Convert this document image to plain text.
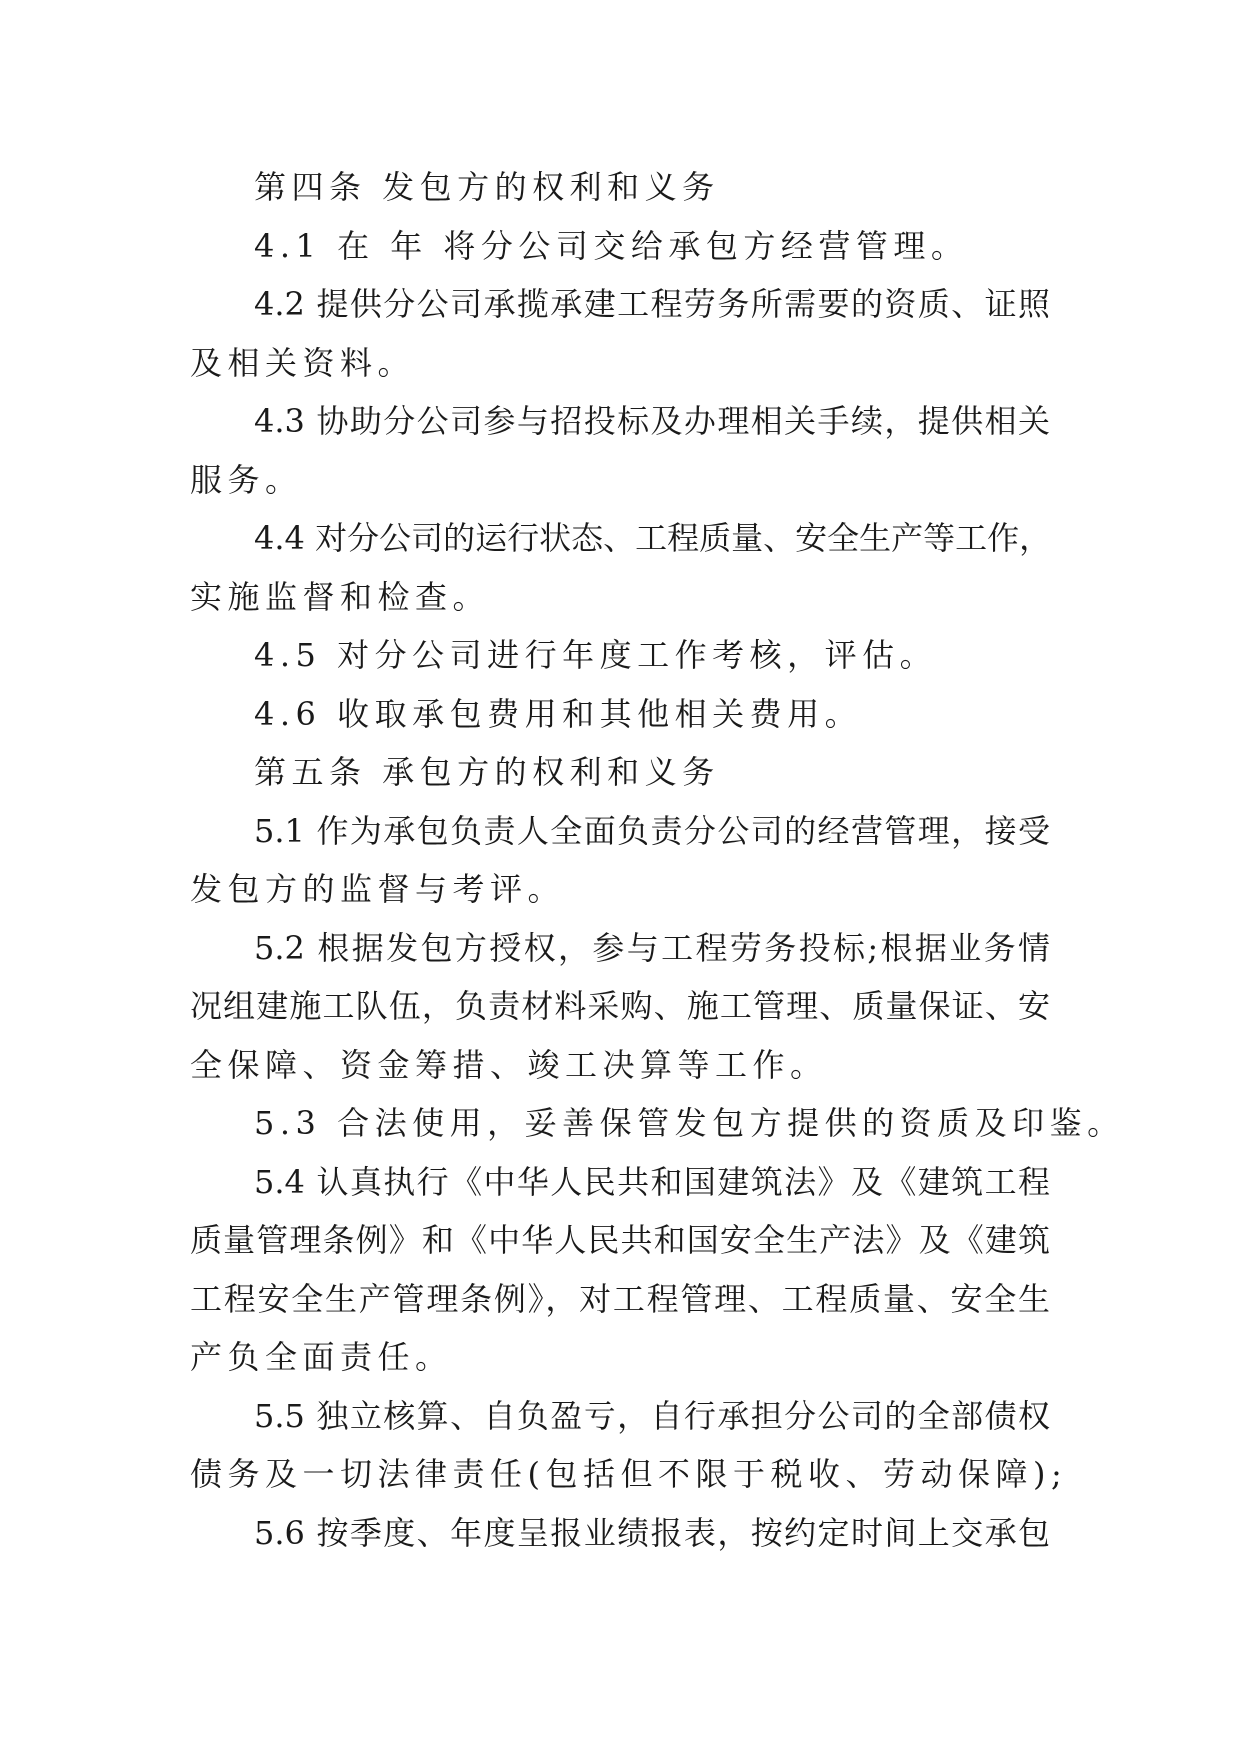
第四条 发包方的权利和义务
4.1 在 年 将分公司交给承包方经营管理。
4.2 提供分公司承揽承建工程劳务所需要的资质、证照
及相关资料。
4.3 协助分公司参与招投标及办理相关手续，提供相关
服务。
4.4 对分公司的运行状态、工程质量、安全生产等工作，
实施监督和检查。
4.5 对分公司进行年度工作考核，评估。
4.6 收取承包费用和其他相关费用。
第五条 承包方的权利和义务
5.1 作为承包负责人全面负责分公司的经营管理，接受
发包方的监督与考评。
5.2 根据发包方授权，参与工程劳务投标;根据业务情
况组建施工队伍，负责材料采购、施工管理、质量保证、安
全保障、资金筹措、竣工决算等工作。
5.3 合法使用，妥善保管发包方提供的资质及印鉴。
5.4 认真执行《中华人民共和国建筑法》及《建筑工程
质量管理条例》和《中华人民共和国安全生产法》及《建筑
工程安全生产管理条例》，对工程管理、工程质量、安全生
产负全面责任。
5.5 独立核算、自负盈亏，自行承担分公司的全部债权
债务及一切法律责任(包括但不限于税收、劳动保障);
5.6 按季度、年度呈报业绩报表，按约定时间上交承包
